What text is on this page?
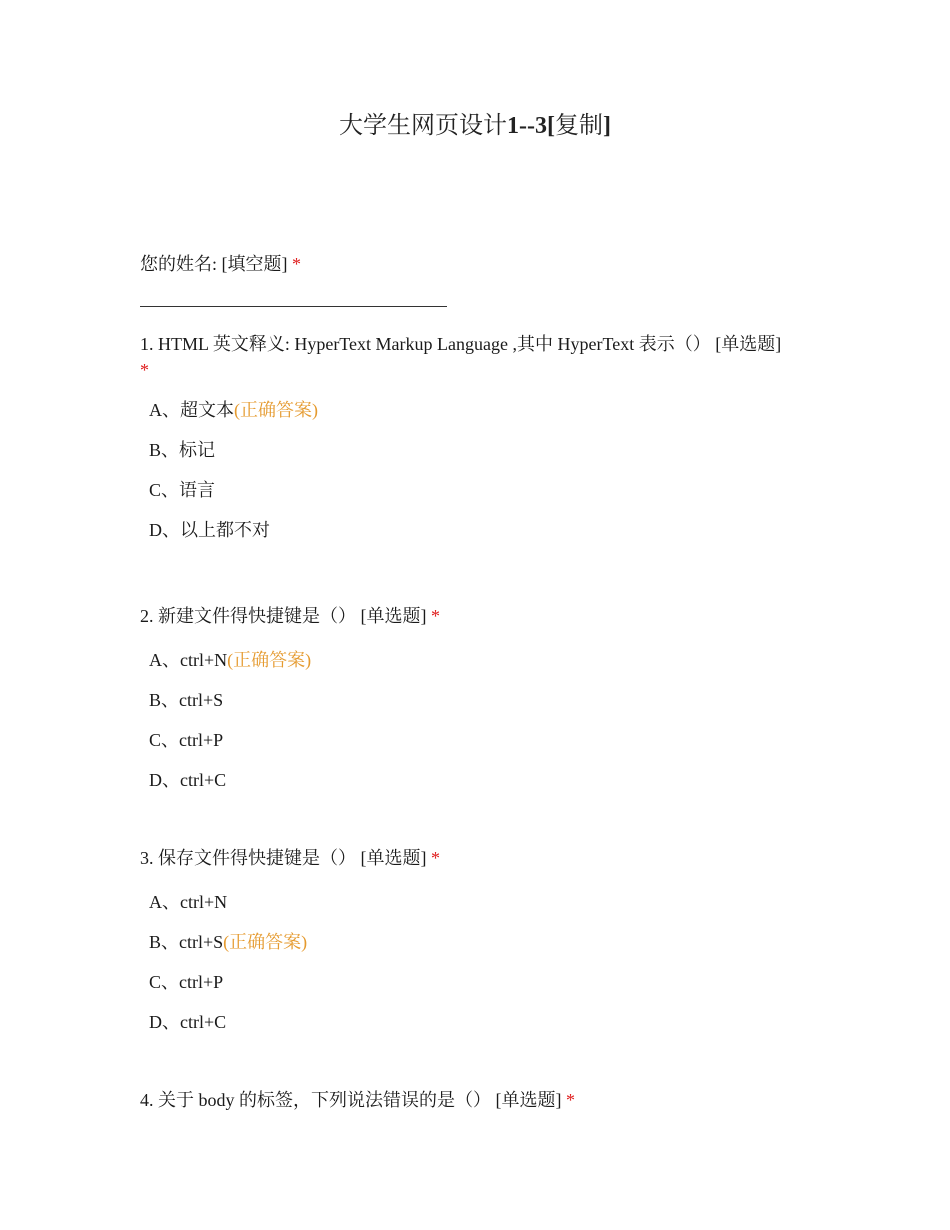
大学生网页设计1--3[复制]
您的姓名: [填空题] *

1. HTML 英文释义: HyperText Markup Language ,其中 HyperText 表示（） [单选题]
*

A、超文本(正确答案)
B、标记
C、语言
D、以上都不对

2. 新建文件得快捷键是（） [单选题] *

A、ctrl+N(正确答案)
B、ctrl+S
C、ctrl+P
D、ctrl+C

3. 保存文件得快捷键是（） [单选题] *

A、ctrl+N
B、ctrl+S(正确答案)
C、ctrl+P
D、ctrl+C

4. 关于 body 的标签，下列说法错误的是（） [单选题] *
